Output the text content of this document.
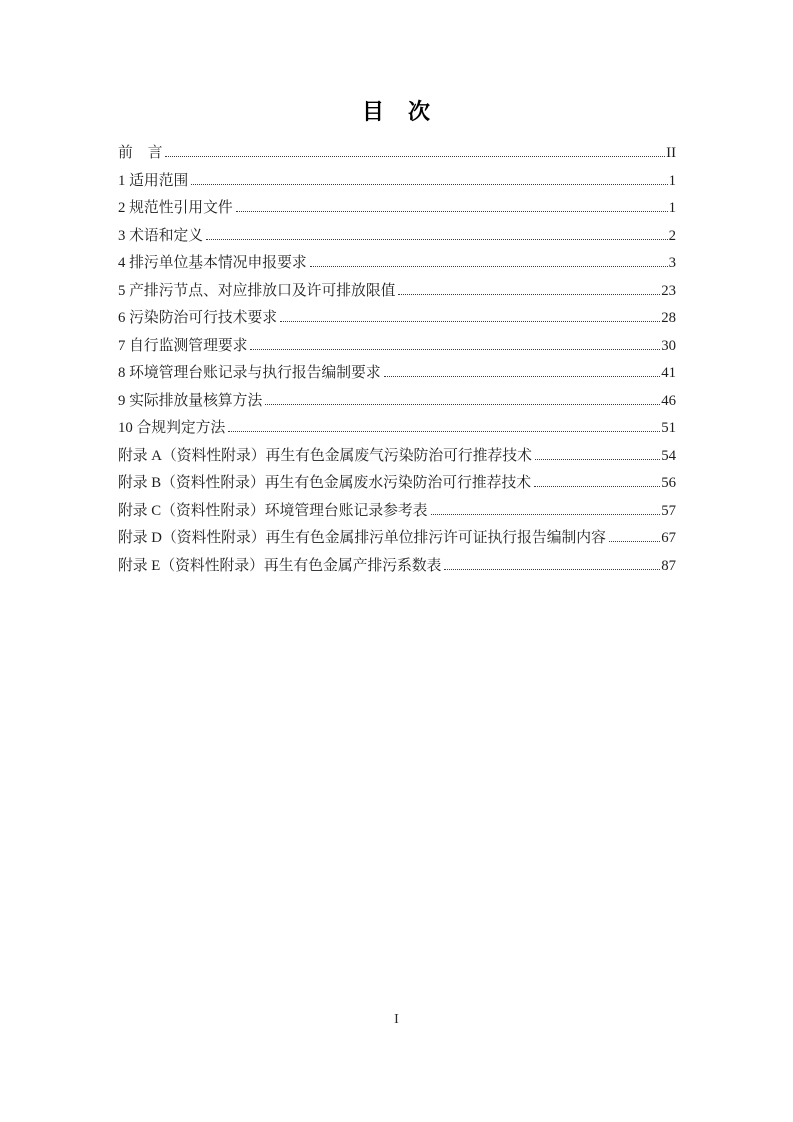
目　次
前　言	II
1 适用范围	1
2 规范性引用文件	1
3 术语和定义	2
4 排污单位基本情况申报要求	3
5 产排污节点、对应排放口及许可排放限值	23
6 污染防治可行技术要求	28
7 自行监测管理要求	30
8 环境管理台账记录与执行报告编制要求	41
9 实际排放量核算方法	46
10 合规判定方法	51
附录 A（资料性附录）再生有色金属废气污染防治可行推荐技术	54
附录 B（资料性附录）再生有色金属废水污染防治可行推荐技术	56
附录 C（资料性附录）环境管理台账记录参考表	57
附录 D（资料性附录）再生有色金属排污单位排污许可证执行报告编制内容	67
附录 E（资料性附录）再生有色金属产排污系数表	87
I
